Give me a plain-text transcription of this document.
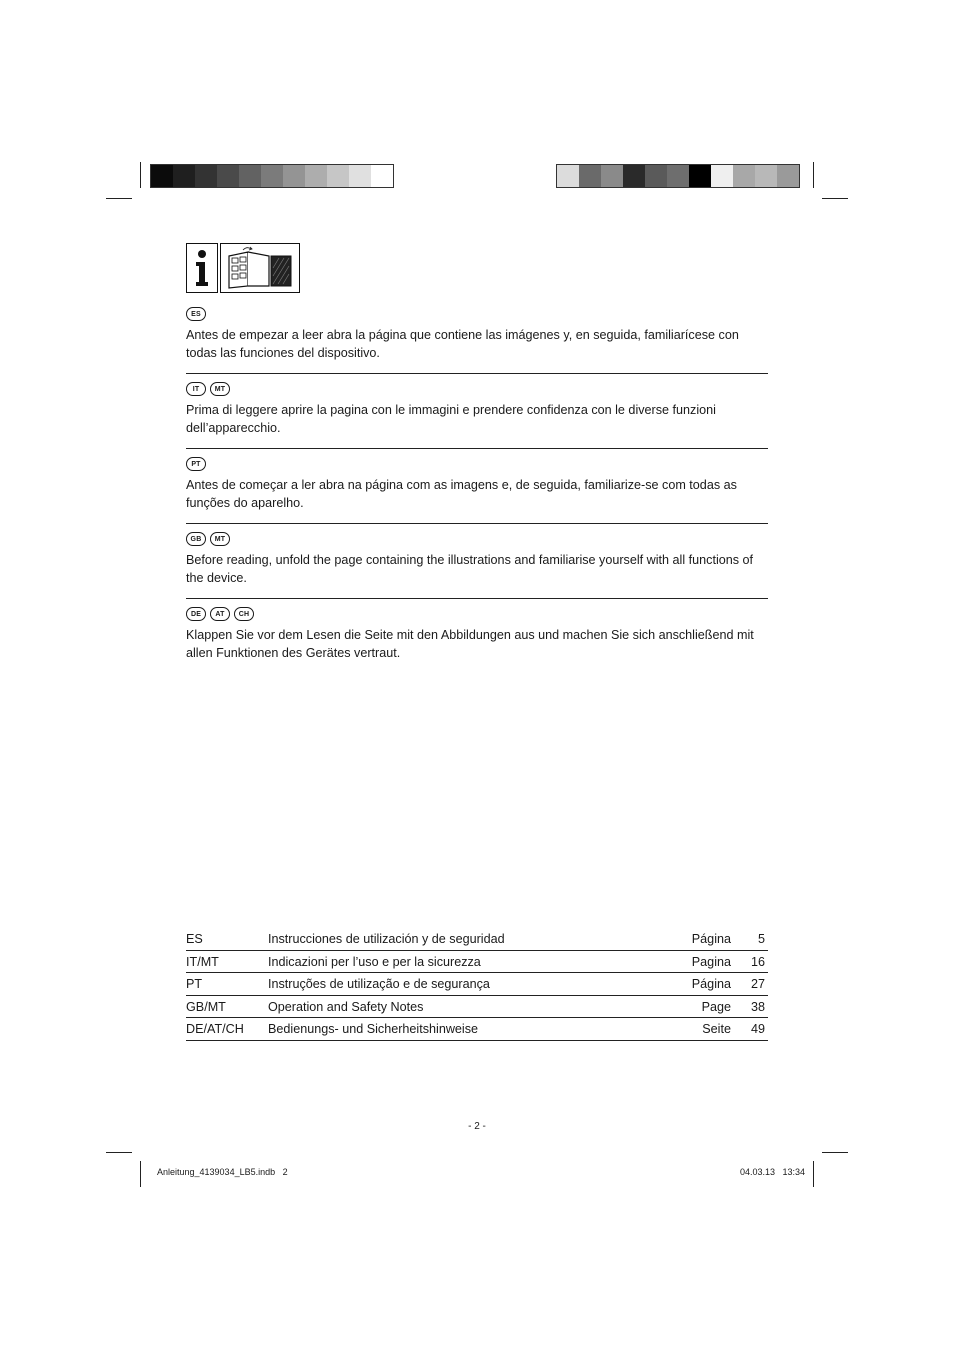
ES
Antes de empezar a leer abra la página que contiene las imágenes y, en seguida, familiarícese con todas las funciones del dispositivo.
IT	MT
Prima di leggere aprire la pagina con le immagini e prendere confidenza con le diverse funzioni dell’apparecchio.
PT
Antes de começar a ler abra na página com as imagens e, de seguida, familiarize-se com todas as funções do aparelho.
GB	MT
Before reading, unfold the page containing the illustrations and familiarise yourself with all functions of the device.
DE	AT	CH
Klappen Sie vor dem Lesen die Seite mit den Abbildungen aus und machen Sie sich anschließend mit allen Funktionen des Gerätes vertraut.
ES	Instrucciones de utilización y de seguridad	Página 5
IT/MT	Indicazioni per l’uso e per la sicurezza	Pagina 16
PT	Instruções de utilização e de segurança	Página 27
GB/MT	Operation and Safety Notes	Page 38
DE/AT/CH Bedienungs- und Sicherheitshinweise	Seite 49
- 2 -
Anleitung_4139034_LB5.indb   2	04.03.13   13:34
